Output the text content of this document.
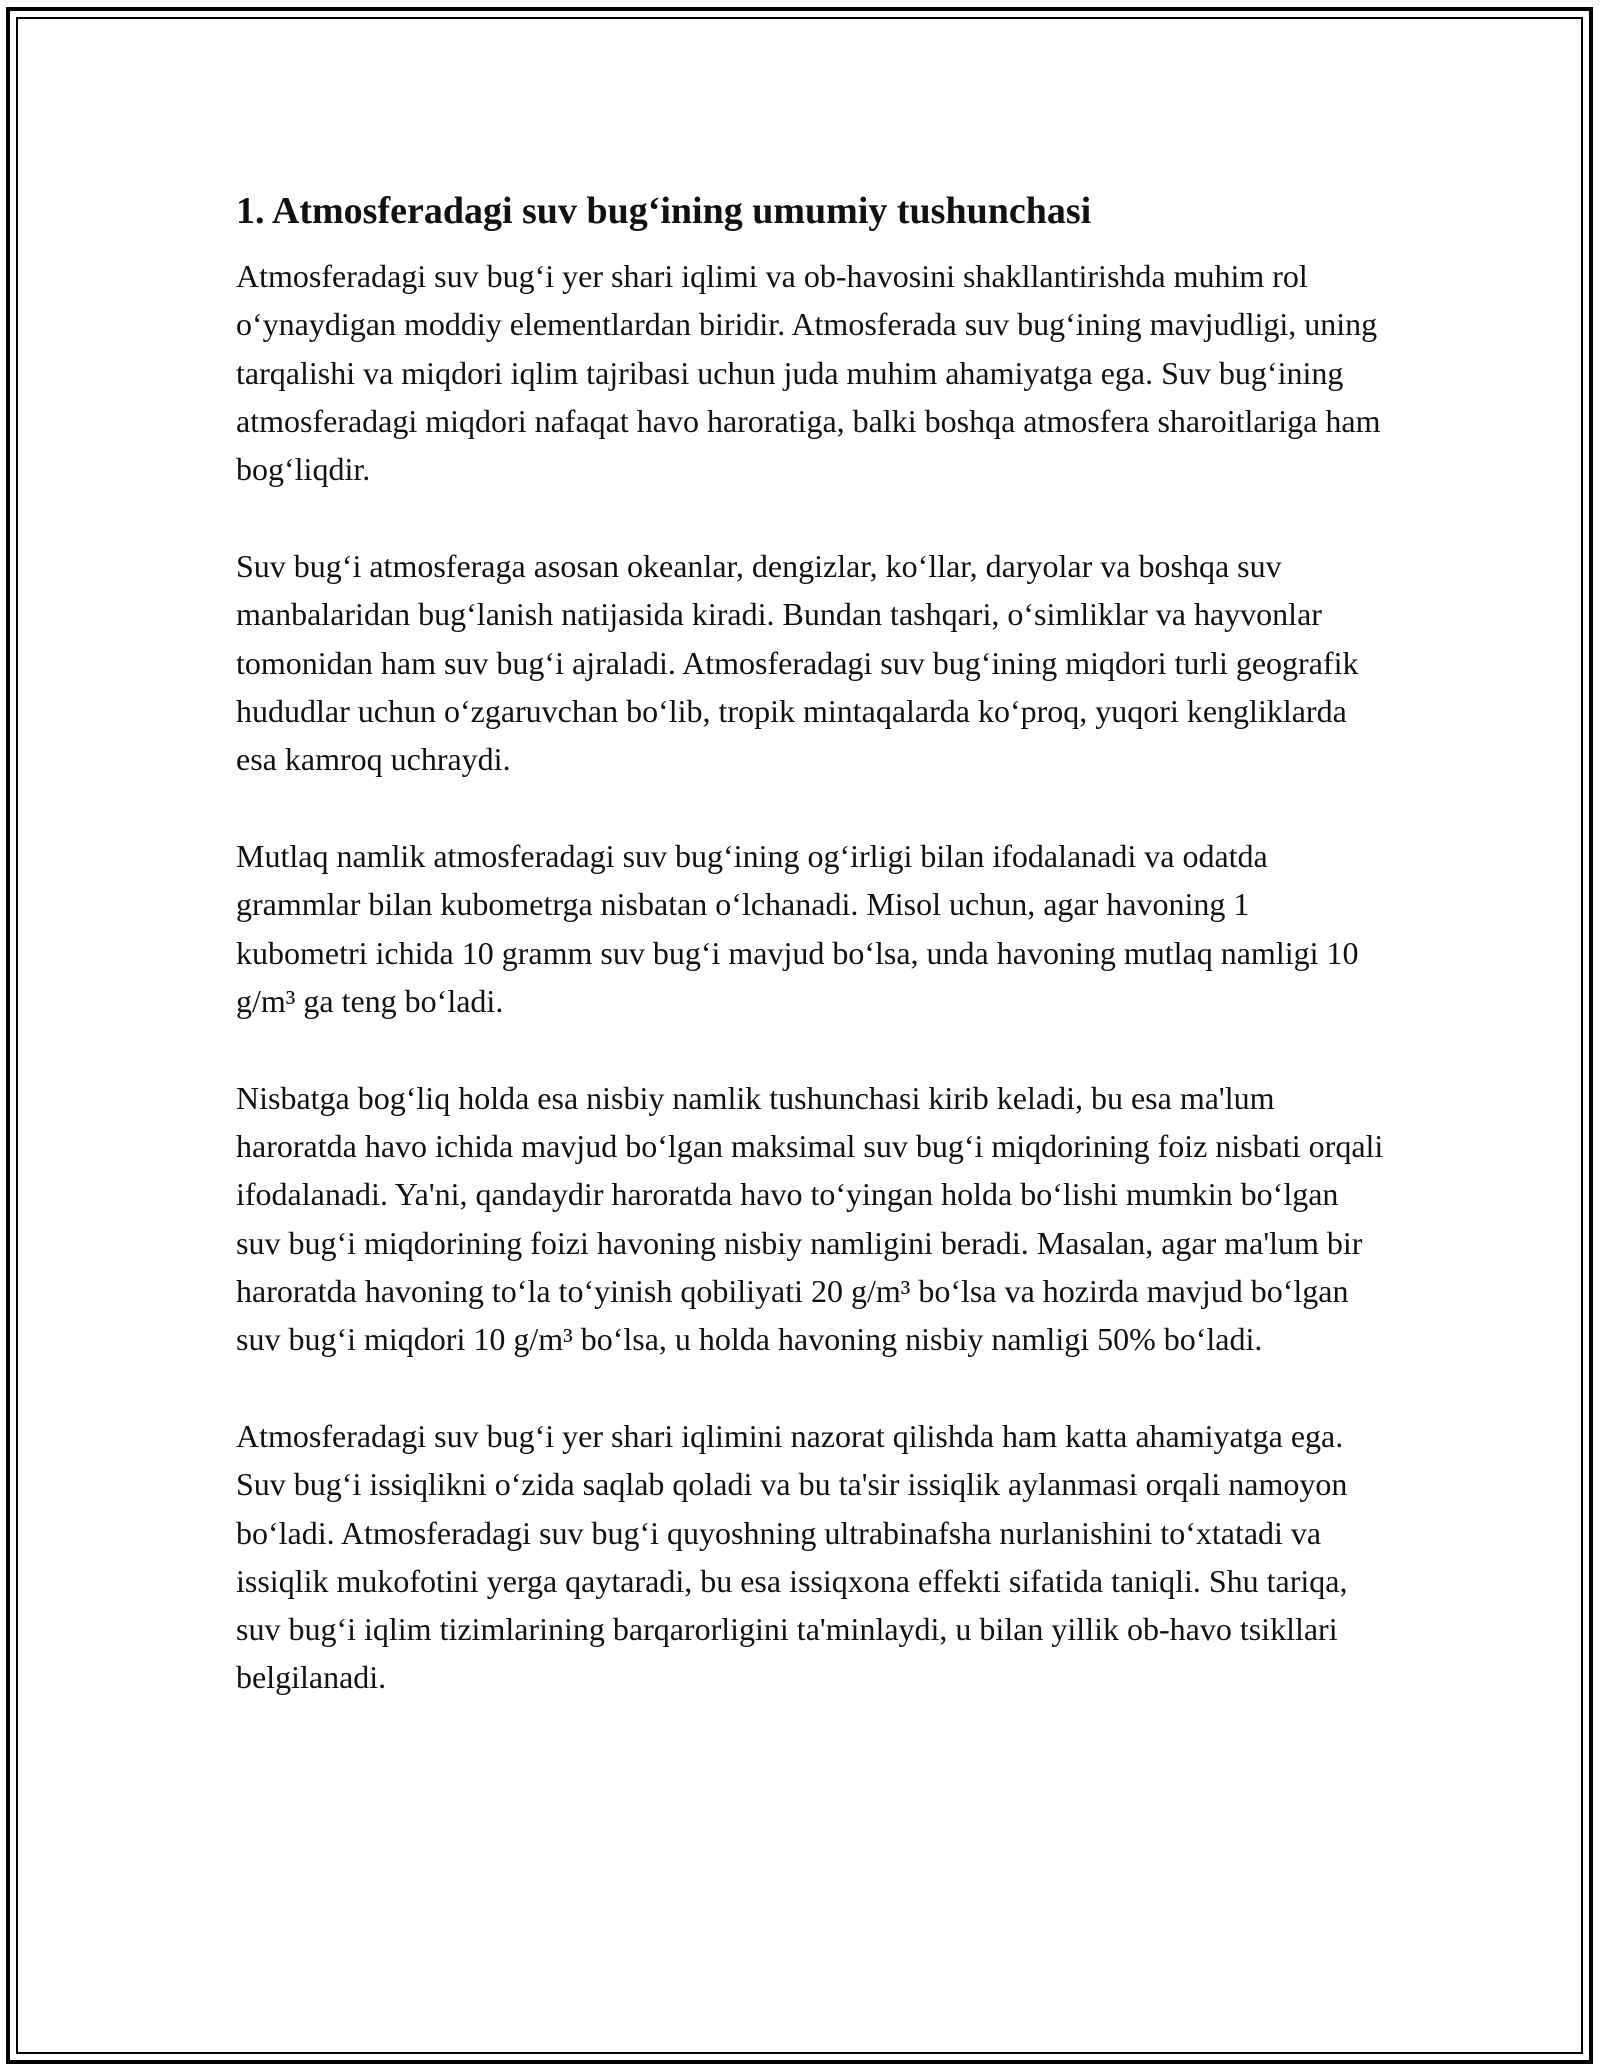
1. Atmosferadagi suv bug‘ining umumiy tushunchasi

Atmosferadagi suv bug‘i yer shari iqlimi va ob-havosini shakllantirishda muhim rol o‘ynaydigan moddiy elementlardan biridir. Atmosferada suv bug‘ining mavjudligi, uning tarqalishi va miqdori iqlim tajribasi uchun juda muhim ahamiyatga ega. Suv bug‘ining atmosferadagi miqdori nafaqat havo haroratiga, balki boshqa atmosfera sharoitlariga ham bog‘liqdir.

Suv bug‘i atmosferaga asosan okeanlar, dengizlar, ko‘llar, daryolar va boshqa suv manbalaridan bug‘lanish natijasida kiradi. Bundan tashqari, o‘simliklar va hayvonlar tomonidan ham suv bug‘i ajraladi. Atmosferadagi suv bug‘ining miqdori turli geografik hududlar uchun o‘zgaruvchan bo‘lib, tropik mintaqalarda ko‘proq, yuqori kengliklarda esa kamroq uchraydi.

Mutlaq namlik atmosferadagi suv bug‘ining og‘irligi bilan ifodalanadi va odatda grammlar bilan kubometrga nisbatan o‘lchanadi. Misol uchun, agar havoning 1 kubometri ichida 10 gramm suv bug‘i mavjud bo‘lsa, unda havoning mutlaq namligi 10 g/m³ ga teng bo‘ladi.

Nisbatga bog‘liq holda esa nisbiy namlik tushunchasi kirib keladi, bu esa ma'lum haroratda havo ichida mavjud bo‘lgan maksimal suv bug‘i miqdorining foiz nisbati orqali ifodalanadi. Ya'ni, qandaydir haroratda havo to‘yingan holda bo‘lishi mumkin bo‘lgan suv bug‘i miqdorining foizi havoning nisbiy namligini beradi. Masalan, agar ma'lum bir haroratda havoning to‘la to‘yinish qobiliyati 20 g/m³ bo‘lsa va hozirda mavjud bo‘lgan suv bug‘i miqdori 10 g/m³ bo‘lsa, u holda havoning nisbiy namligi 50% bo‘ladi.

Atmosferadagi suv bug‘i yer shari iqlimini nazorat qilishda ham katta ahamiyatga ega. Suv bug‘i issiqlikni o‘zida saqlab qoladi va bu ta'sir issiqlik aylanmasi orqali namoyon bo‘ladi. Atmosferadagi suv bug‘i quyoshning ultrabinafsha nurlanishini to‘xtatadi va issiqlik mukofotini yerga qaytaradi, bu esa issiqxona effekti sifatida taniqli. Shu tariqa, suv bug‘i iqlim tizimlarining barqarorligini ta'minlaydi, u bilan yillik ob-havo tsikllari belgilanadi.
